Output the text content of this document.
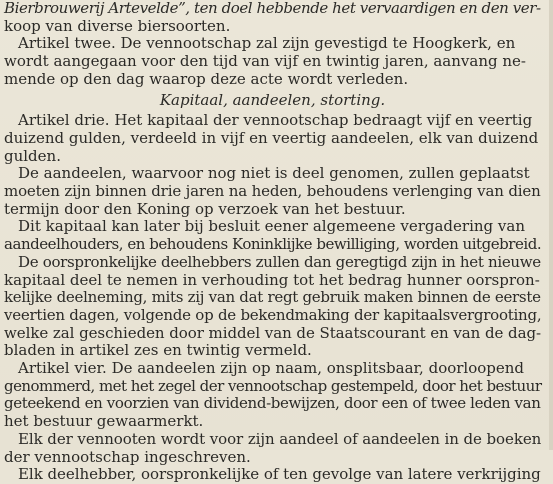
Bierbrouwerij Artevelde”, ten doel hebbende het vervaardigen en den ver-
koop van diverse biersoorten.
Artikel twee. De vennootschap zal zijn gevestigd te Hoogkerk, en
wordt aangegaan voor den tijd van vijf en twintig jaren, aanvang ne-
mende op den dag waarop deze acte wordt verleden.
Kapitaal, aandeelen, storting.
Artikel drie. Het kapitaal der vennootschap bedraagt vijf en veertig
duizend gulden, verdeeld in vijf en veertig aandeelen, elk van duizend
gulden.
De aandeelen, waarvoor nog niet is deel genomen, zullen geplaatst
moeten zijn binnen drie jaren na heden, behoudens verlenging van dien
termijn door den Koning op verzoek van het bestuur.
Dit kapitaal kan later bij besluit eener algemeene vergadering van
aandeelhouders, en behoudens Koninklijke bewilliging, worden uitgebreid.
De oorspronkelijke deelhebbers zullen dan geregtigd zijn in het nieuwe
kapitaal deel te nemen in verhouding tot het bedrag hunner oorspron-
kelijke deelneming, mits zij van dat regt gebruik maken binnen de eerste
veertien dagen, volgende op de bekendmaking der kapitaalsvergrooting,
welke zal geschieden door middel van de Staatscourant en van de dag-
bladen in artikel zes en twintig vermeld.
Artikel vier. De aandeelen zijn op naam, onsplitsbaar, doorloopend
genommerd, met het zegel der vennootschap gestempeld, door het bestuur
geteekend en voorzien van dividend-bewijzen, door een of twee leden van
het bestuur gewaarmerkt.
Elk der vennooten wordt voor zijn aandeel of aandeelen in de boeken
der vennootschap ingeschreven.
Elk deelhebber, oorspronkelijke of ten gevolge van latere verkrijging
